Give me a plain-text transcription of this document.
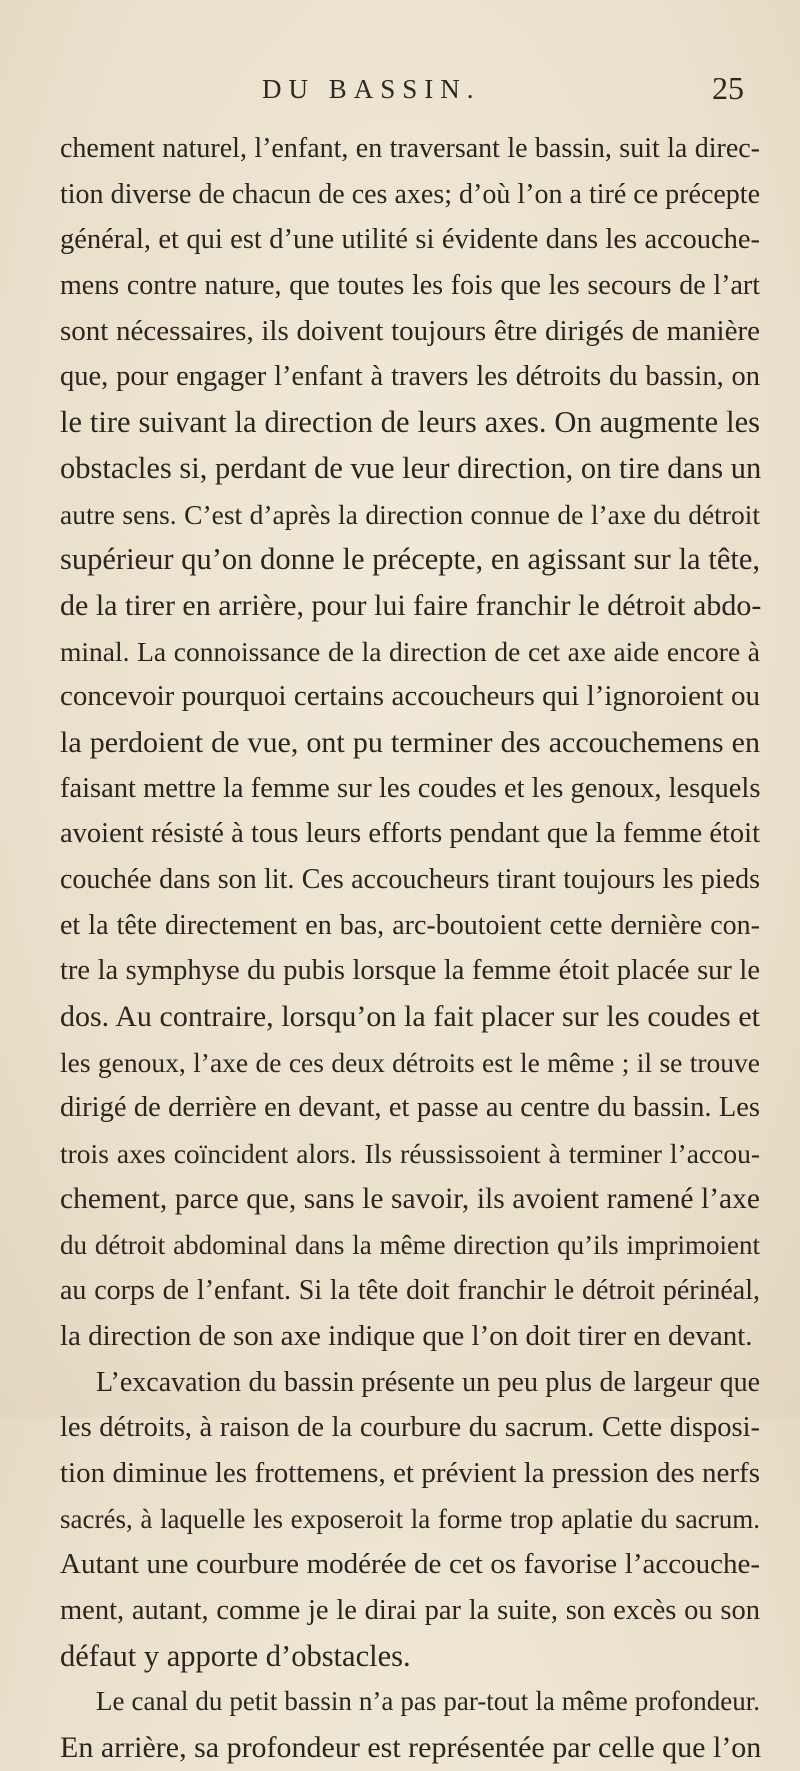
DU BASSIN.	25
chement naturel, l’enfant, en traversant le bassin, suit la direc-
tion diverse de chacun de ces axes; d’où l’on a tiré ce précepte
général, et qui est d’une utilité si évidente dans les accouche-
mens contre nature, que toutes les fois que les secours de l’art
sont nécessaires, ils doivent toujours être dirigés de manière
que, pour engager l’enfant à travers les détroits du bassin, on
le tire suivant la direction de leurs axes. On augmente les
obstacles si, perdant de vue leur direction, on tire dans un
autre sens. C’est d’après la direction connue de l’axe du détroit
supérieur qu’on donne le précepte, en agissant sur la tête,
de la tirer en arrière, pour lui faire franchir le détroit abdo-
minal. La connoissance de la direction de cet axe aide encore à
concevoir pourquoi certains accoucheurs qui l’ignoroient ou
la perdoient de vue, ont pu terminer des accouchemens en
faisant mettre la femme sur les coudes et les genoux, lesquels
avoient résisté à tous leurs efforts pendant que la femme étoit
couchée dans son lit. Ces accoucheurs tirant toujours les pieds
et la tête directement en bas, arc-boutoient cette dernière con-
tre la symphyse du pubis lorsque la femme étoit placée sur le
dos. Au contraire, lorsqu’on la fait placer sur les coudes et
les genoux, l’axe de ces deux détroits est le même ; il se trouve
dirigé de derrière en devant, et passe au centre du bassin. Les
trois axes coïncident alors. Ils réussissoient à terminer l’accou-
chement, parce que, sans le savoir, ils avoient ramené l’axe
du détroit abdominal dans la même direction qu’ils imprimoient
au corps de l’enfant. Si la tête doit franchir le détroit périnéal,
la direction de son axe indique que l’on doit tirer en devant.
L’excavation du bassin présente un peu plus de largeur que
les détroits, à raison de la courbure du sacrum. Cette disposi-
tion diminue les frottemens, et prévient la pression des nerfs
sacrés, à laquelle les exposeroit la forme trop aplatie du sacrum.
Autant une courbure modérée de cet os favorise l’accouche-
ment, autant, comme je le dirai par la suite, son excès ou son
défaut y apporte d’obstacles.
Le canal du petit bassin n’a pas par-tout la même profondeur.
En arrière, sa profondeur est représentée par celle que l’on
